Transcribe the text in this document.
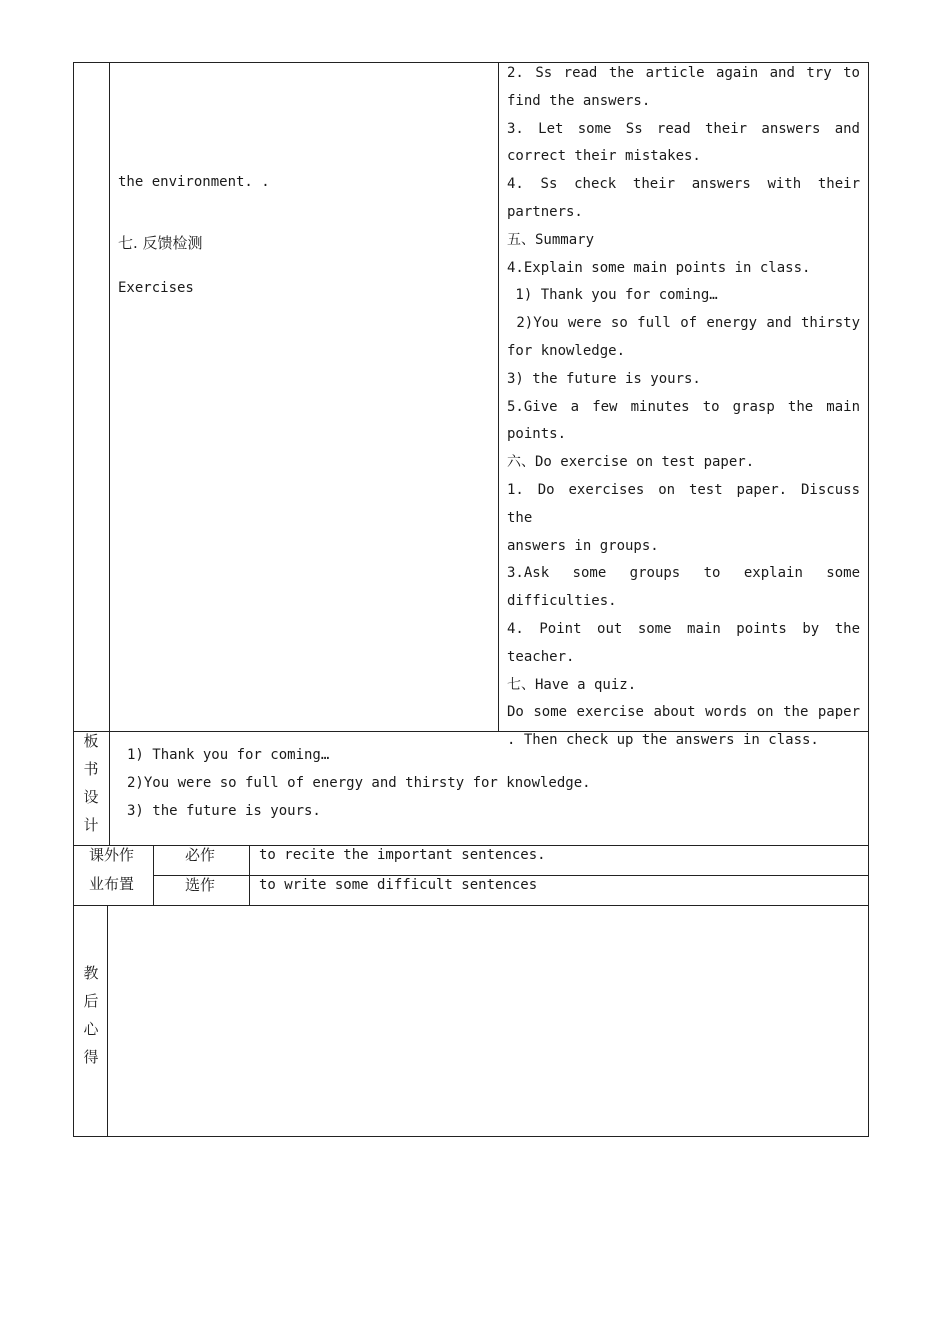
the environment. .
七. 反馈检测
Exercises

2. Ss read the article again and try to

find the answers.

3. Let some Ss read their answers and

correct their mistakes.

4. Ss check their answers with their

partners.

五、Summary

4.Explain some main points in class.

1) Thank you for coming…

2)You were so full of energy and thirsty

for knowledge.

3) the future is yours.

5.Give a few minutes to grasp the main

points.

六、Do exercise on test paper.

1. Do exercises on test paper. Discuss the

answers in groups.

3.Ask some groups to explain some

difficulties.

4. Point out some main points by the

teacher.

七、Have a quiz.

Do some exercise about words on the paper

. Then check up the answers in class.

板
书
设
计
1) Thank you for coming…
2)You were so full of energy and thirsty for knowledge.
3) the future is yours.
课外作
业布置
必作	to recite the important sentences.
选作	to write some difficult sentences
教
后
心
得
